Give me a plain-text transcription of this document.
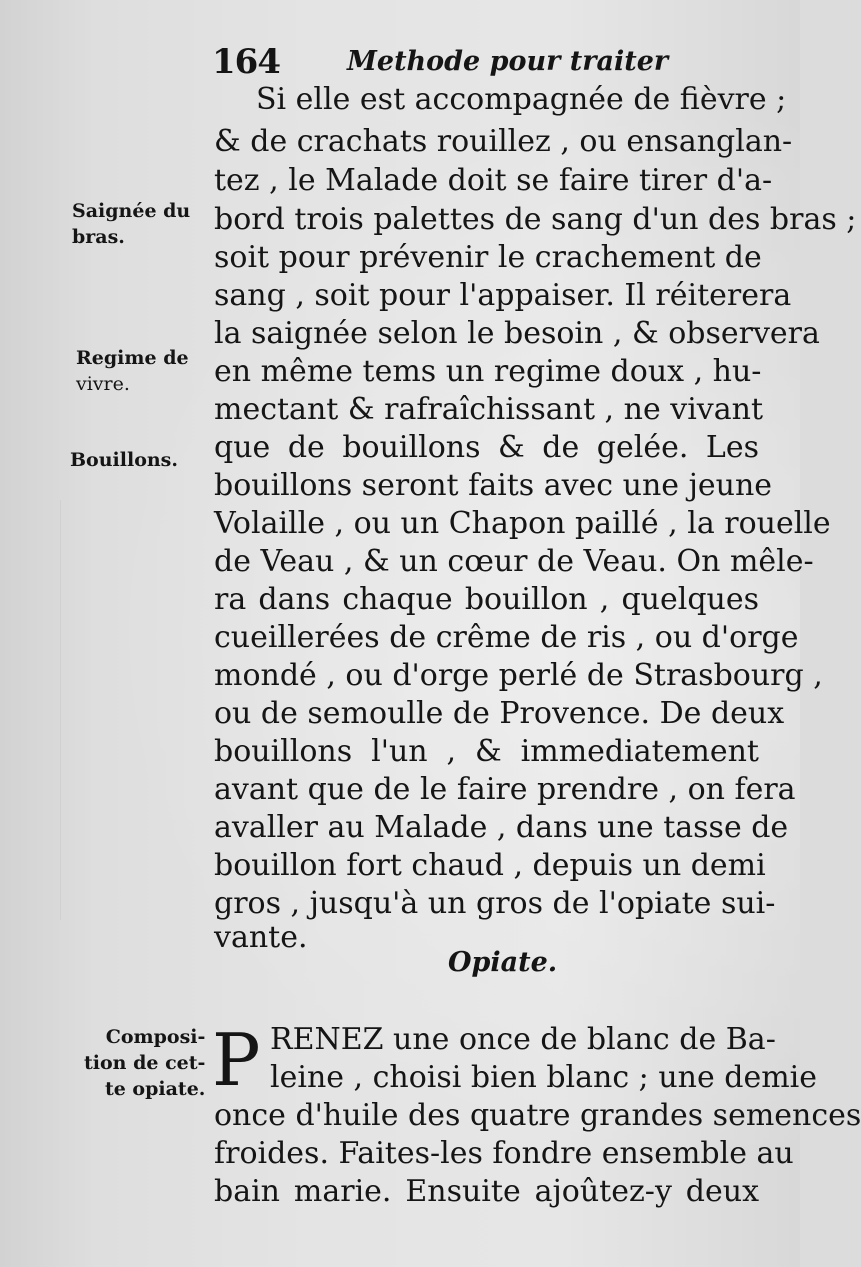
164 Methode pour traiter
Saignée du
bras.
Regime de
vivre.
Bouillons.
Composi-
tion de cet-
te opiate.
Si elle est accompagnée de fièvre ;
& de crachats rouillez , ou ensanglan-
tez , le Malade doit se faire tirer d'a-
bord trois palettes de sang d'un des bras ;
soit pour prévenir le crachement de
sang , soit pour l'appaiser. Il réiterera
la saignée selon le besoin , & observera
en même tems un regime doux , hu-
mectant & rafraîchissant , ne vivant
que de bouillons & de gelée. Les
bouillons seront faits avec une jeune
Volaille , ou un Chapon paillé , la rouelle
de Veau , & un cœur de Veau. On mêle-
ra dans chaque bouillon , quelques
cueillerées de crême de ris , ou d'orge
mondé , ou d'orge perlé de Strasbourg ,
ou de semoulle de Provence. De deux
bouillons l'un , & immediatement
avant que de le faire prendre , on fera
avaller au Malade , dans une tasse de
bouillon fort chaud , depuis un demi
gros , jusqu'à un gros de l'opiate sui-
vante.
Opiate.
P RENEZ une once de blanc de Ba-
leine , choisi bien blanc ; une demie
once d'huile des quatre grandes semences
froides. Faites-les fondre ensemble au
bain marie. Ensuite ajoûtez-y deux
